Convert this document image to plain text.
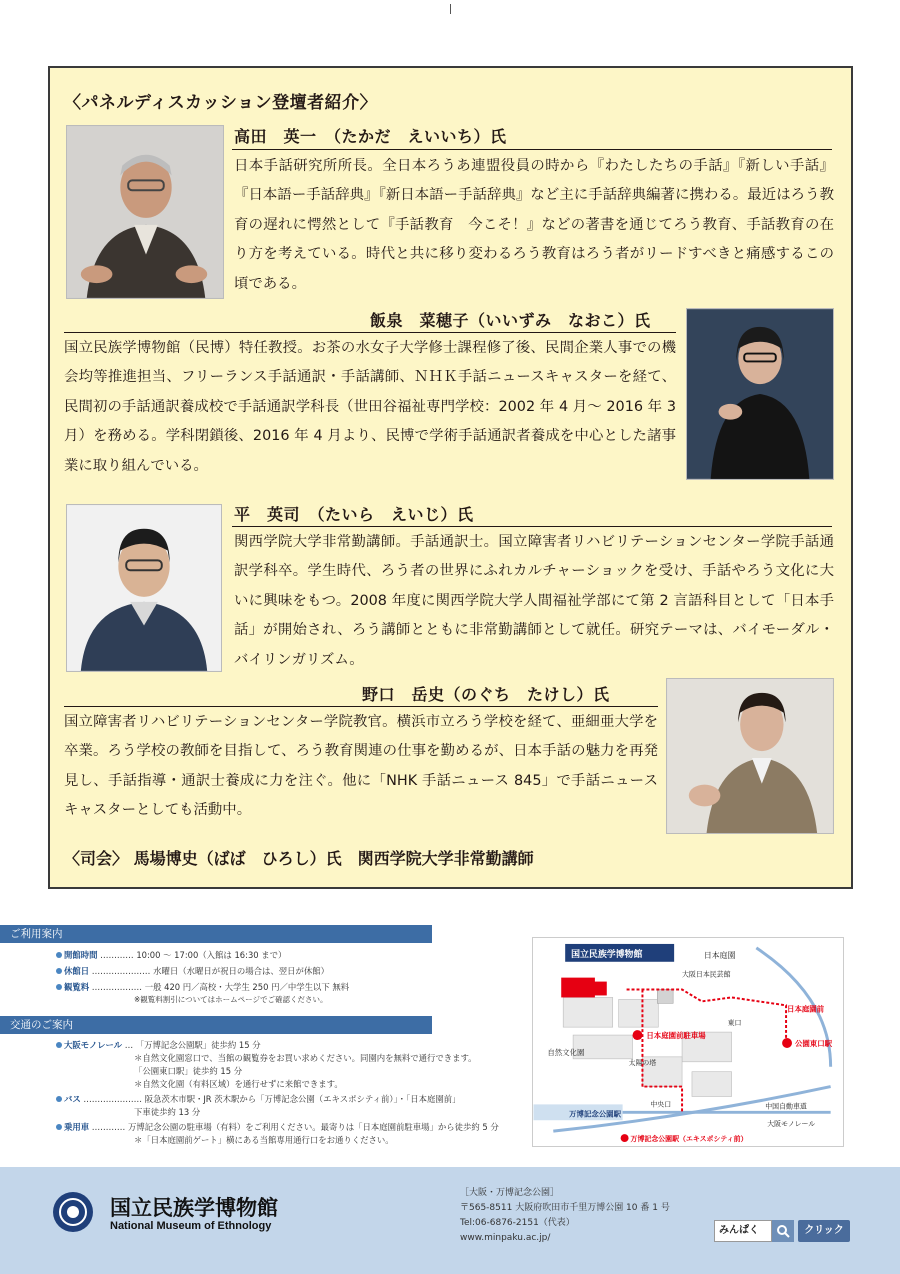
〈パネルディスカッション登壇者紹介〉
高田　英一　（たかだ　えいいち）氏
日本手話研究所所長。全日本ろうあ連盟役員の時から『わたしたちの手話』『新しい手話』『日本語ー手話辞典』『新日本語ー手話辞典』など主に手話辞典編著に携わる。最近はろう教育の遅れに愕然として『手話教育　今こそ！』などの著書を通じてろう教育、手話教育の在り方を考えている。時代と共に移り変わるろう教育はろう者がリードすべきと痛感するこの頃である。
飯泉　菜穂子（いいずみ　なおこ）氏
国立民族学博物館（民博）特任教授。お茶の水女子大学修士課程修了後、民間企業人事での機会均等推進担当、フリーランス手話通訳・手話講師、ＮＨＫ手話ニュースキャスターを経て、民間初の手話通訳養成校で手話通訳学科長（世田谷福祉専門学校：2002 年 4 月～ 2016 年 3 月）を務める。学科閉鎖後、2016 年 4 月より、民博で学術手話通訳者養成を中心とした諸事業に取り組んでいる。
平　英司　（たいら　えいじ）氏
関西学院大学非常勤講師。手話通訳士。国立障害者リハビリテーションセンター学院手話通訳学科卒。学生時代、ろう者の世界にふれカルチャーショックを受け、手話やろう文化に大いに興味をもつ。2008 年度に関西学院大学人間福祉学部にて第 2 言語科目として「日本手話」が開始され、ろう講師とともに非常勤講師として就任。研究テーマは、バイモーダル・バイリンガリズム。
野口　岳史（のぐち　たけし）氏
国立障害者リハビリテーションセンター学院教官。横浜市立ろう学校を経て、亜細亜大学を卒業。ろう学校の教師を目指して、ろう教育関連の仕事を勤めるが、日本手話の魅力を再発見し、手話指導・通訳士養成に力を注ぐ。他に「NHK 手話ニュース 845」で手話ニュースキャスターとしても活動中。
〈司会〉 馬場博史（ばば　ひろし）氏　関西学院大学非常勤講師
ご利用案内
開館時間 ………… 10:00 ～ 17:00（入館は 16:30 まで）
休館日 ………………… 水曜日（水曜日が祝日の場合は、翌日が休館）
観覧料 ……………… 一般 420 円／高校・大学生 250 円／中学生以下 無料
※観覧料割引についてはホームページでご確認ください。
交通のご案内
大阪モノレール … 「万博記念公園駅」徒歩約 15 分
＊自然文化園窓口で、当館の観覧券をお買い求めください。同園内を無料で通行できます。
「公園東口駅」徒歩約 15 分
＊自然文化園（有料区域）を通行せずに来館できます。
バス ………………… 阪急茨木市駅・JR 茨木駅から「万博記念公園（エキスポシティ前）」・「日本庭園前」
下車徒歩約 13 分
乗用車 ………… 万博記念公園の駐車場（有料）をご利用ください。最寄りは「日本庭園前駐車場」から徒歩約 5 分
＊「日本庭園前ゲート」横にある当館専用通行口をお通りください。
国立民族学博物館	日本庭園
大阪日本民芸館
東口
日本庭園前
公園東口駅
日本庭園前駐車場
自然文化園
太陽の塔
中央口
万博記念公園駅
中国自動車道
大阪モノレール
万博記念公園駅（エキスポシティ前）
国立民族学博物館
National Museum of Ethnology
［大阪・万博記念公園］
〒565-8511 大阪府吹田市千里万博公園 10 番 1 号
Tel:06-6876-2151（代表）
www.minpaku.ac.jp/
みんぱく	クリック
